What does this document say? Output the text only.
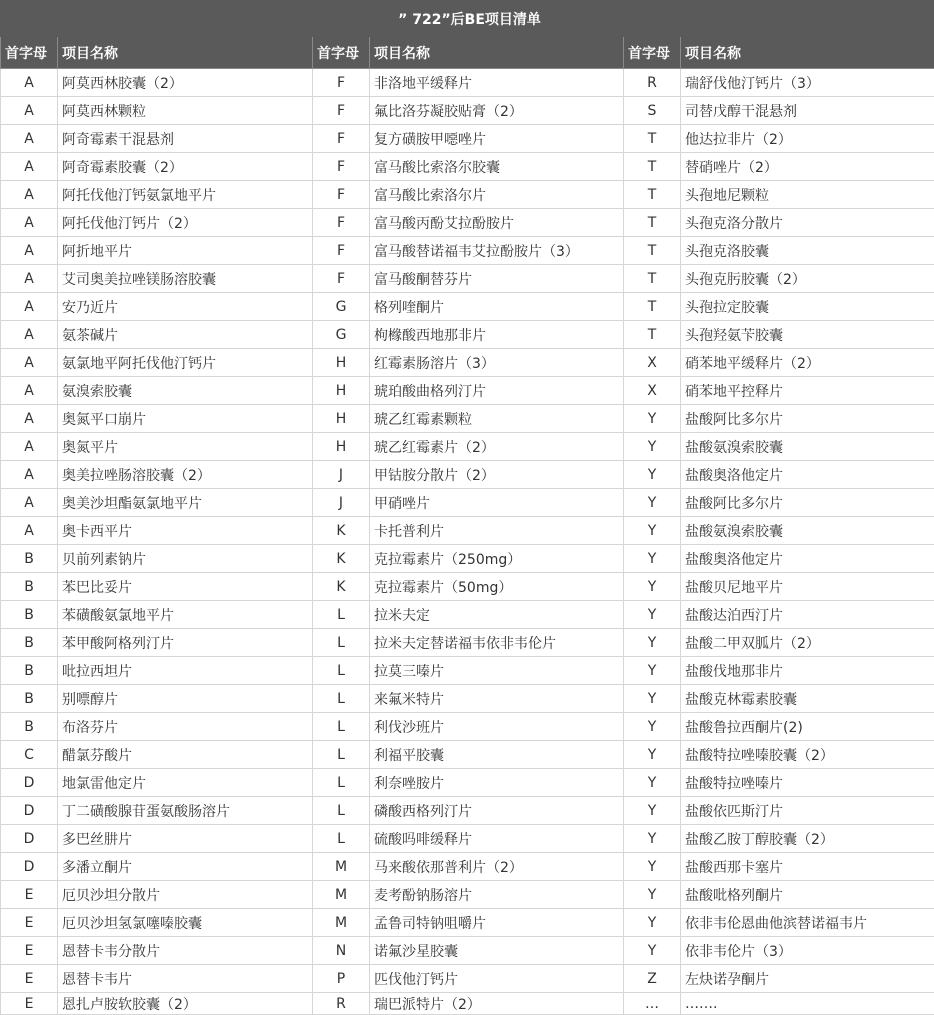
” 722”后BE项目清单					
首字母	项目名称	首字母	项目名称	首字母	项目名称
A	阿莫西林胶囊（2）	F	非洛地平缓释片	R	瑞舒伐他汀钙片（3）
A	阿莫西林颗粒	F	氟比洛芬凝胶贴膏（2）	S	司替戊醇干混悬剂
A	阿奇霉素干混悬剂	F	复方磺胺甲噁唑片	T	他达拉非片（2）
A	阿奇霉素胶囊（2）	F	富马酸比索洛尔胶囊	T	替硝唑片（2）
A	阿托伐他汀钙氨氯地平片	F	富马酸比索洛尔片	T	头孢地尼颗粒
A	阿托伐他汀钙片（2）	F	富马酸丙酚艾拉酚胺片	T	头孢克洛分散片
A	阿折地平片	F	富马酸替诺福韦艾拉酚胺片（3）	T	头孢克洛胶囊
A	艾司奥美拉唑镁肠溶胶囊	F	富马酸酮替芬片	T	头孢克肟胶囊（2）
A	安乃近片	G	格列喹酮片	T	头孢拉定胶囊
A	氨茶碱片	G	枸橼酸西地那非片	T	头孢羟氨苄胶囊
A	氨氯地平阿托伐他汀钙片	H	红霉素肠溶片（3）	X	硝苯地平缓释片（2）
A	氨溴索胶囊	H	琥珀酸曲格列汀片	X	硝苯地平控释片
A	奥氮平口崩片	H	琥乙红霉素颗粒	Y	盐酸阿比多尔片
A	奥氮平片	H	琥乙红霉素片（2）	Y	盐酸氨溴索胶囊
A	奥美拉唑肠溶胶囊（2）	J	甲钴胺分散片（2）	Y	盐酸奥洛他定片
A	奥美沙坦酯氨氯地平片	J	甲硝唑片	Y	盐酸阿比多尔片
A	奥卡西平片	K	卡托普利片	Y	盐酸氨溴索胶囊
B	贝前列素钠片	K	克拉霉素片（250mg）	Y	盐酸奥洛他定片
B	苯巴比妥片	K	克拉霉素片（50mg）	Y	盐酸贝尼地平片
B	苯磺酸氨氯地平片	L	拉米夫定	Y	盐酸达泊西汀片
B	苯甲酸阿格列汀片	L	拉米夫定替诺福韦依非韦伦片	Y	盐酸二甲双胍片（2）
B	吡拉西坦片	L	拉莫三嗪片	Y	盐酸伐地那非片
B	别嘌醇片	L	来氟米特片	Y	盐酸克林霉素胶囊
B	布洛芬片	L	利伐沙班片	Y	盐酸鲁拉西酮片(2)
C	醋氯芬酸片	L	利福平胶囊	Y	盐酸特拉唑嗪胶囊（2）
D	地氯雷他定片	L	利奈唑胺片	Y	盐酸特拉唑嗪片
D	丁二磺酸腺苷蛋氨酸肠溶片	L	磷酸西格列汀片	Y	盐酸依匹斯汀片
D	多巴丝肼片	L	硫酸吗啡缓释片	Y	盐酸乙胺丁醇胶囊（2）
D	多潘立酮片	M	马来酸依那普利片（2）	Y	盐酸西那卡塞片
E	厄贝沙坦分散片	M	麦考酚钠肠溶片	Y	盐酸吡格列酮片
E	厄贝沙坦氢氯噻嗪胶囊	M	孟鲁司特钠咀嚼片	Y	依非韦伦恩曲他滨替诺福韦片
E	恩替卡韦分散片	N	诺氟沙星胶囊	Y	依非韦伦片（3）
E	恩替卡韦片	P	匹伐他汀钙片	Z	左炔诺孕酮片
E	恩扎卢胺软胶囊（2）	R	瑞巴派特片（2）	…	…….
